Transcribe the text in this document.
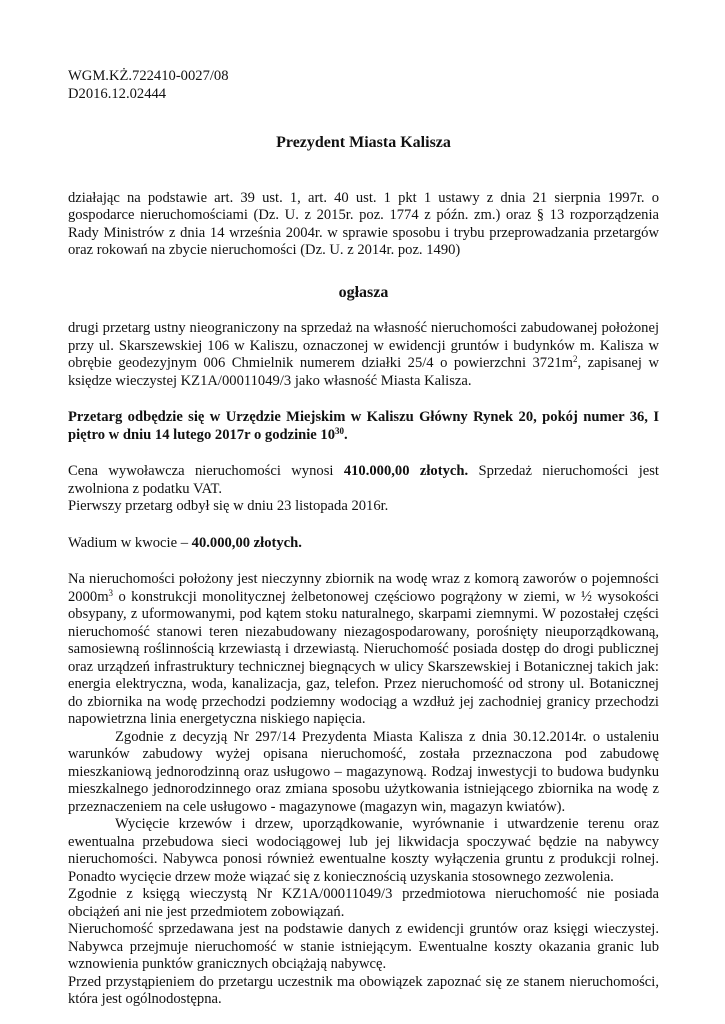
WGM.KŻ.722410-0027/08

D2016.12.02444

Prezydent Miasta Kalisza

działając na podstawie art. 39 ust. 1, art. 40 ust. 1 pkt 1 ustawy z dnia 21 sierpnia 1997r. o gospodarce nieruchomościami (Dz. U. z 2015r. poz. 1774 z późn. zm.) oraz § 13 rozporządzenia Rady Ministrów z dnia 14 września 2004r. w sprawie sposobu i trybu przeprowadzania przetargów oraz rokowań na zbycie nieruchomości (Dz. U. z 2014r. poz. 1490)

ogłasza

drugi przetarg ustny nieograniczony na sprzedaż na własność nieruchomości zabudowanej położonej przy ul. Skarszewskiej 106 w Kaliszu, oznaczonej w ewidencji gruntów i budynków m. Kalisza w obrębie geodezyjnym 006 Chmielnik numerem działki 25/4 o powierzchni $3721m^2$, zapisanej w księdze wieczystej KZ1A/00011049/3 jako własność Miasta Kalisza.

Przetarg odbędzie się w Urzędzie Miejskim w Kaliszu Główny Rynek 20, pokój numer 36, I piętro w dniu 14 lutego 2017r o godzinie $10^{30}$.

Cena wywoławcza nieruchomości wynosi 410.000,00 złotych. Sprzedaż nieruchomości jest zwolniona z podatku VAT.

Pierwszy przetarg odbył się w dniu 23 listopada 2016r.

Wadium w kwocie – 40.000,00 złotych.

Na nieruchomości położony jest nieczynny zbiornik na wodę wraz z komorą zaworów o pojemności $2000m^3$ o konstrukcji monolitycznej żelbetonowej częściowo pogrążony w ziemi, w ½ wysokości obsypany, z uformowanymi, pod kątem stoku naturalnego, skarpami ziemnymi. W pozostałej części nieruchomość stanowi teren niezabudowany niezagospodarowany, porośnięty nieuporządkowaną, samosiewną roślinnością krzewiastą i drzewiastą. Nieruchomość posiada dostęp do drogi publicznej oraz urządzeń infrastruktury technicznej biegnących w ulicy Skarszewskiej i Botanicznej takich jak: energia elektryczna, woda, kanalizacja, gaz, telefon. Przez nieruchomość od strony ul. Botanicznej do zbiornika na wodę przechodzi podziemny wodociąg a wzdłuż jej zachodniej granicy przechodzi napowietrzna linia energetyczna niskiego napięcia.

Zgodnie z decyzją Nr 297/14 Prezydenta Miasta Kalisza z dnia 30.12.2014r. o ustaleniu warunków zabudowy wyżej opisana nieruchomość, została przeznaczona pod zabudowę mieszkaniową jednorodzinną oraz usługowo – magazynową. Rodzaj inwestycji to budowa budynku mieszkalnego jednorodzinnego oraz zmiana sposobu użytkowania istniejącego zbiornika na wodę z przeznaczeniem na cele usługowo - magazynowe (magazyn win, magazyn kwiatów).

Wycięcie krzewów i drzew, uporządkowanie, wyrównanie i utwardzenie terenu oraz ewentualna przebudowa sieci wodociągowej lub jej likwidacja spoczywać będzie na nabywcy nieruchomości. Nabywca ponosi również ewentualne koszty wyłączenia gruntu z produkcji rolnej. Ponadto wycięcie drzew może wiązać się z koniecznością uzyskania stosownego zezwolenia.

Zgodnie z księgą wieczystą Nr KZ1A/00011049/3 przedmiotowa nieruchomość nie posiada obciążeń ani nie jest przedmiotem zobowiązań.

Nieruchomość sprzedawana jest na podstawie danych z ewidencji gruntów oraz księgi wieczystej. Nabywca przejmuje nieruchomość w stanie istniejącym. Ewentualne koszty okazania granic lub wznowienia punktów granicznych obciążają nabywcę.

Przed przystąpieniem do przetargu uczestnik ma obowiązek zapoznać się ze stanem nieruchomości, która jest ogólnodostępna.
